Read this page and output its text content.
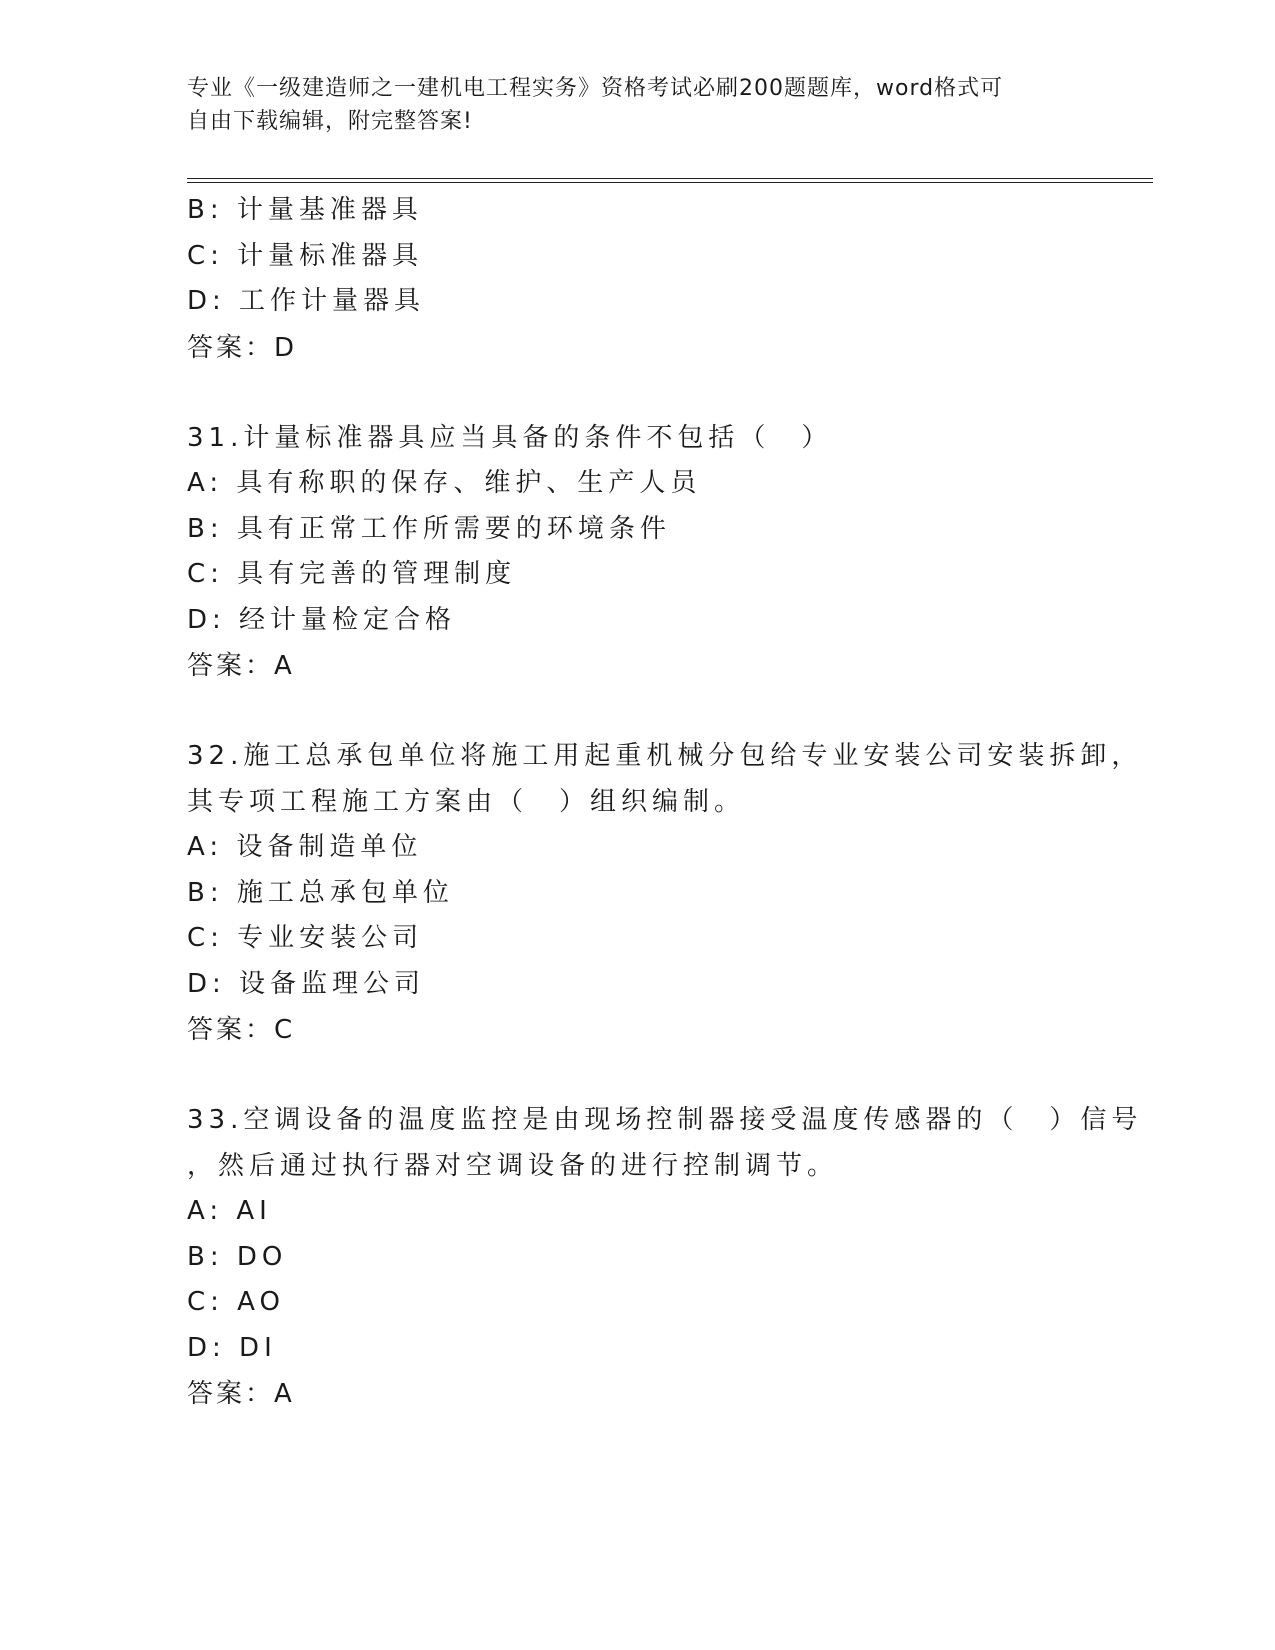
专业《一级建造师之一建机电工程实务》资格考试必刷200题题库，word格式可
自由下载编辑，附完整答案!
B: 计量基准器具
C: 计量标准器具
D: 工作计量器具
答案：D
31.计量标准器具应当具备的条件不包括（　）
A: 具有称职的保存、维护、生产人员
B: 具有正常工作所需要的环境条件
C: 具有完善的管理制度
D: 经计量检定合格
答案：A
32.施工总承包单位将施工用起重机械分包给专业安装公司安装拆卸，
其专项工程施工方案由（　）组织编制。
A: 设备制造单位
B: 施工总承包单位
C: 专业安装公司
D: 设备监理公司
答案：C
33.空调设备的温度监控是由现场控制器接受温度传感器的（　）信号
，然后通过执行器对空调设备的进行控制调节。
A: AI
B: DO
C: AO
D: DI
答案：A
